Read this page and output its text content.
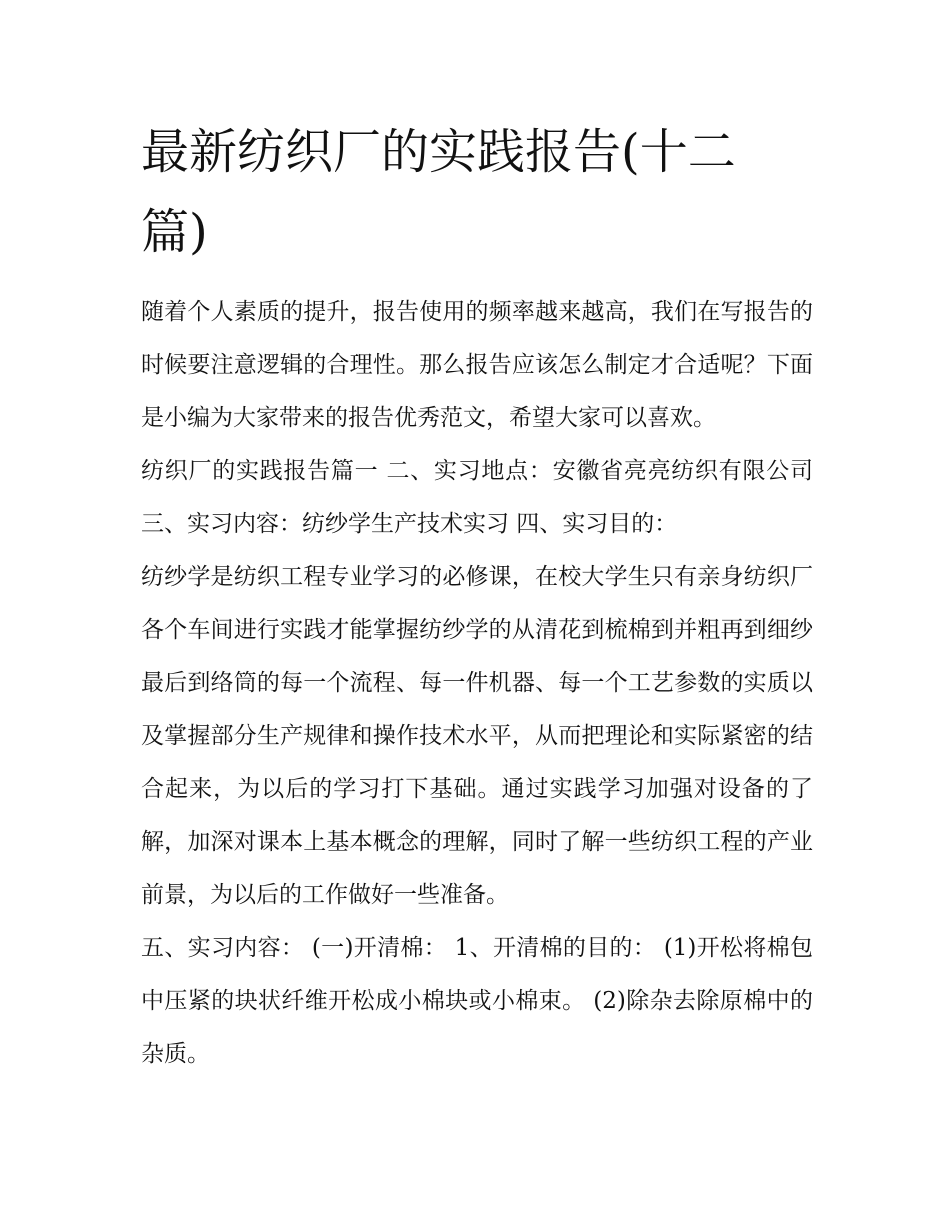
最新纺织厂的实践报告(十二篇)

随着个人素质的提升，报告使用的频率越来越高，我们在写报告的时候要注意逻辑的合理性。那么报告应该怎么制定才合适呢？下面是小编为大家带来的报告优秀范文，希望大家可以喜欢。

纺织厂的实践报告篇一 二、实习地点：安徽省亮亮纺织有限公司 三、实习内容：纺纱学生产技术实习 四、实习目的：

纺纱学是纺织工程专业学习的必修课，在校大学生只有亲身纺织厂各个车间进行实践才能掌握纺纱学的从清花到梳棉到并粗再到细纱最后到络筒的每一个流程、每一件机器、每一个工艺参数的实质以及掌握部分生产规律和操作技术水平，从而把理论和实际紧密的结合起来，为以后的学习打下基础。通过实践学习加强对设备的了解，加深对课本上基本概念的理解，同时了解一些纺织工程的产业前景，为以后的工作做好一些准备。

五、实习内容： (一)开清棉： 1、开清棉的目的： (1)开松将棉包中压紧的块状纤维开松成小棉块或小棉束。 (2)除杂去除原棉中的杂质。
